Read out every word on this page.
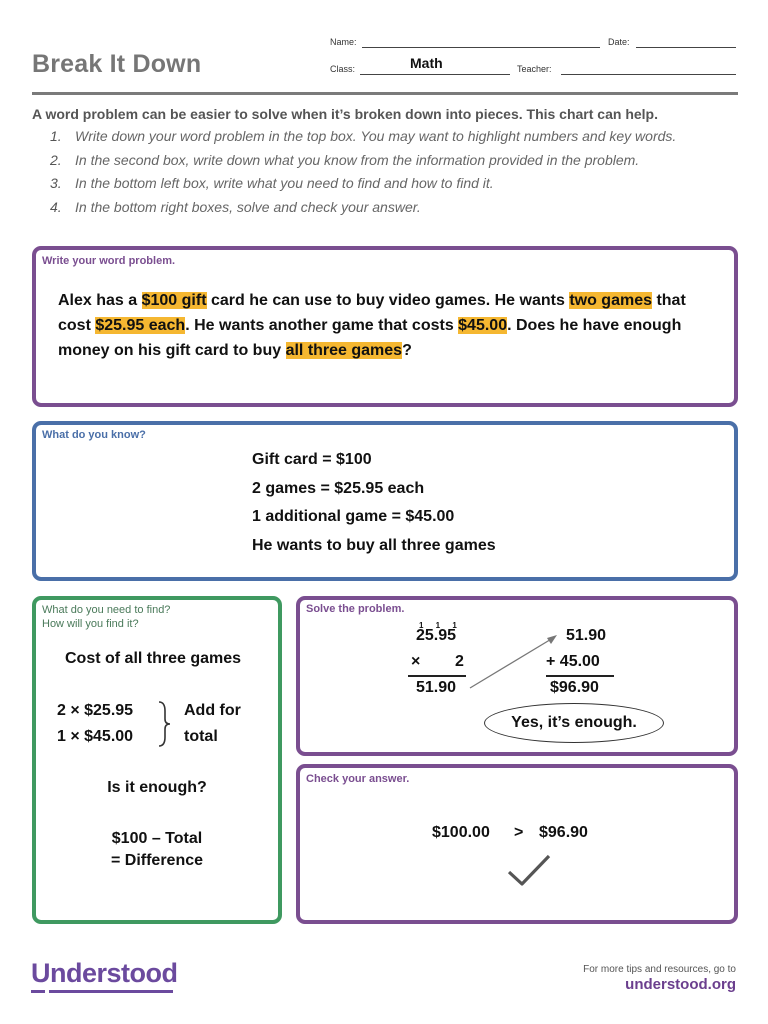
Break It Down
Name:	Date:
Class:	Math	Teacher:
A word problem can be easier to solve when it’s broken down into pieces. This chart can help.
1. Write down your word problem in the top box. You may want to highlight numbers and key words.
2. In the second box, write down what you know from the information provided in the problem.
3. In the bottom left box, write what you need to find and how to find it.
4. In the bottom right boxes, solve and check your answer.
Write your word problem.
Alex has a $100 gift card he can use to buy video games. He wants two games that cost $25.95 each. He wants another game that costs $45.00. Does he have enough money on his gift card to buy all three games?
What do you know?
Gift card = $100
2 games = $25.95 each
1 additional game = $45.00
He wants to buy all three games
What do you need to find?
How will you find it?
Cost of all three games
2 × $25.95
1 × $45.00
Add for
total
Is it enough?
$100 – Total
= Difference
Solve the problem.
1 1 1
25.95
× 2
51.90
51.90
+ 45.00
$96.90
Yes, it’s enough.
Check your answer.
$100.00 > $96.90
Understood	For more tips and resources, go to
understood.org
